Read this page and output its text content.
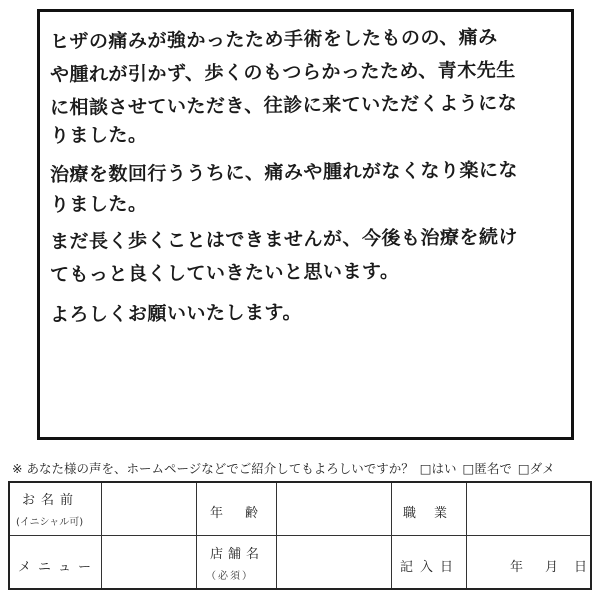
ヒザの痛みが強かったため手術をしたものの、痛み
や腫れが引かず、歩くのもつらかったため、青木先生
に相談させていただき、往診に来ていただくようにな
りました。
治療を数回行ううちに、痛みや腫れがなくなり楽にな
りました。
まだ長く歩くことはできませんが、今後も治療を続け
てもっと良くしていきたいと思います。
よろしくお願いいたします。
※ あなた様の声を、ホームページなどでご紹介してもよろしいですか？ □はい □匿名で □ダメ
お名前
(イニシャル可)
年齢	職業
メニュー
店舗名
（必須）
記入日	年 月 日
